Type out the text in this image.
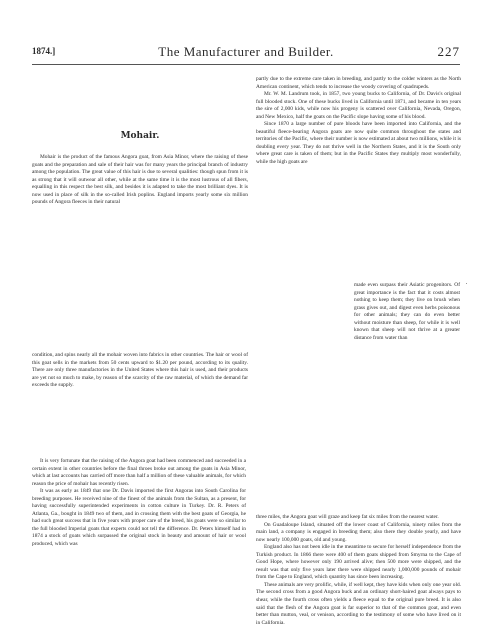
1874.]	The Manufacturer and Builder.	227
Mohair.

Mohair is the product of the famous Angora goat, from Asia Minor, where the raising of these goats and the preparation and sale of their hair was for many years the principal branch of industry among the population. The great value of this hair is due to several qualities: though spun from it is as strong that it will outwear all other, while at the same time it is the most lustrous of all fibers, equalling in this respect the best silk, and besides it is adapted to take the most brilliant dyes. It is now used in place of silk in the so-called Irish poplins. England imports yearly some six million pounds of Angora fleeces in their natural

condition, and spins nearly all the mohair woven into fabrics in other countries. The hair or wool of this goat sells in the markets from 50 cents upward to $1.20 per pound, according to its quality. There are only three manufactories in the United States where this hair is used, and their products are yet not so much to make, by reason of the scarcity of the raw material, of which the demand far exceeds the supply.

It is very fortunate that the raising of the Angora goat had been commenced and succeeded in a certain extent in other countries before the final throes broke out among the goats in Asia Minor, which at last accounts has carried off more than half a million of these valuable animals, for which reason the price of mohair has recently risen.

It was as early as 1849 that one Dr. Davis imported the first Angoras into South Carolina for breeding purposes. He received nine of the finest of the animals from the Sultan, as a present, for having successfully superintended experiments in cotton culture in Turkey. Dr. R. Peters of Atlanta, Ga., bought in 1849 two of them, and in crossing them with the best goats of Georgia, he had such great success that in five years with proper care of the breed, his goats were so similar to the full blooded Imperial goats that experts could not tell the difference. Dr. Peters himself had in 1874 a stock of goats which surpassed the original stock in beauty and amount of hair or wool produced, which was

partly due to the extreme care taken in breeding, and partly to the colder winters as the North American continent, which tends to increase the woody covering of quadrupeds.

Mr. W. M. Landrum took, in 1857, two young bucks to California, of Dr. Davis's original full blooded stock. One of these bucks lived in California until 1871, and became in ten years the sire of 2,000 kids, while now his progeny is scattered over California, Nevada, Oregon, and New Mexico, half the goats on the Pacific slope having some of his blood.

Since 1870 a large number of pure bloods have been imported into California, and the beautiful fleece-bearing Angora goats are now quite common throughout the states and territories of the Pacific, where their number is now estimated at about two millions, while it is doubling every year. They do not thrive well in the Northern States, and it is the South only where great care is taken of them; but in the Pacific States they multiply most wonderfully, while the high goats are

made even surpass their Asiatic progenitors. Of great importance is the fact that it costs almost nothing to keep them; they live on brush when grass gives out, and digest even herbs poisonous for other animals; they can do even better without moisture than sheep, for while it is well known that sheep will not thrive at a greater distance from water than

three miles, the Angora goat will graze and keep fat six miles from the nearest water.

On Guadaloupe Island, situated off the lower coast of California, ninety miles from the main land, a company is engaged in breeding them; also there they double yearly, and have now nearly 100,000 goats, old and young.

England also has not been idle in the meantime to secure for herself independence from the Turkish product. In 1866 there were 400 of them goats shipped from Smyrna to the Cape of Good Hope, where however only 190 arrived alive; then 500 more were shipped, and the result was that only five years later there were shipped nearly 1,000,000 pounds of mohair from the Cape to England, which quantity has since been increasing.

These animals are very prolific, while, if well kept, they have kids when only one year old. The second cross from a good Angora buck and an ordinary short-haired goat always pays to shear, while the fourth cross often yields a fleece equal to the original pure breed. It is also said that the flesh of the Angora goat is far superior to that of the common goat, and even better than mutton, veal, or venison, according to the testimony of some who have lived on it in California.
